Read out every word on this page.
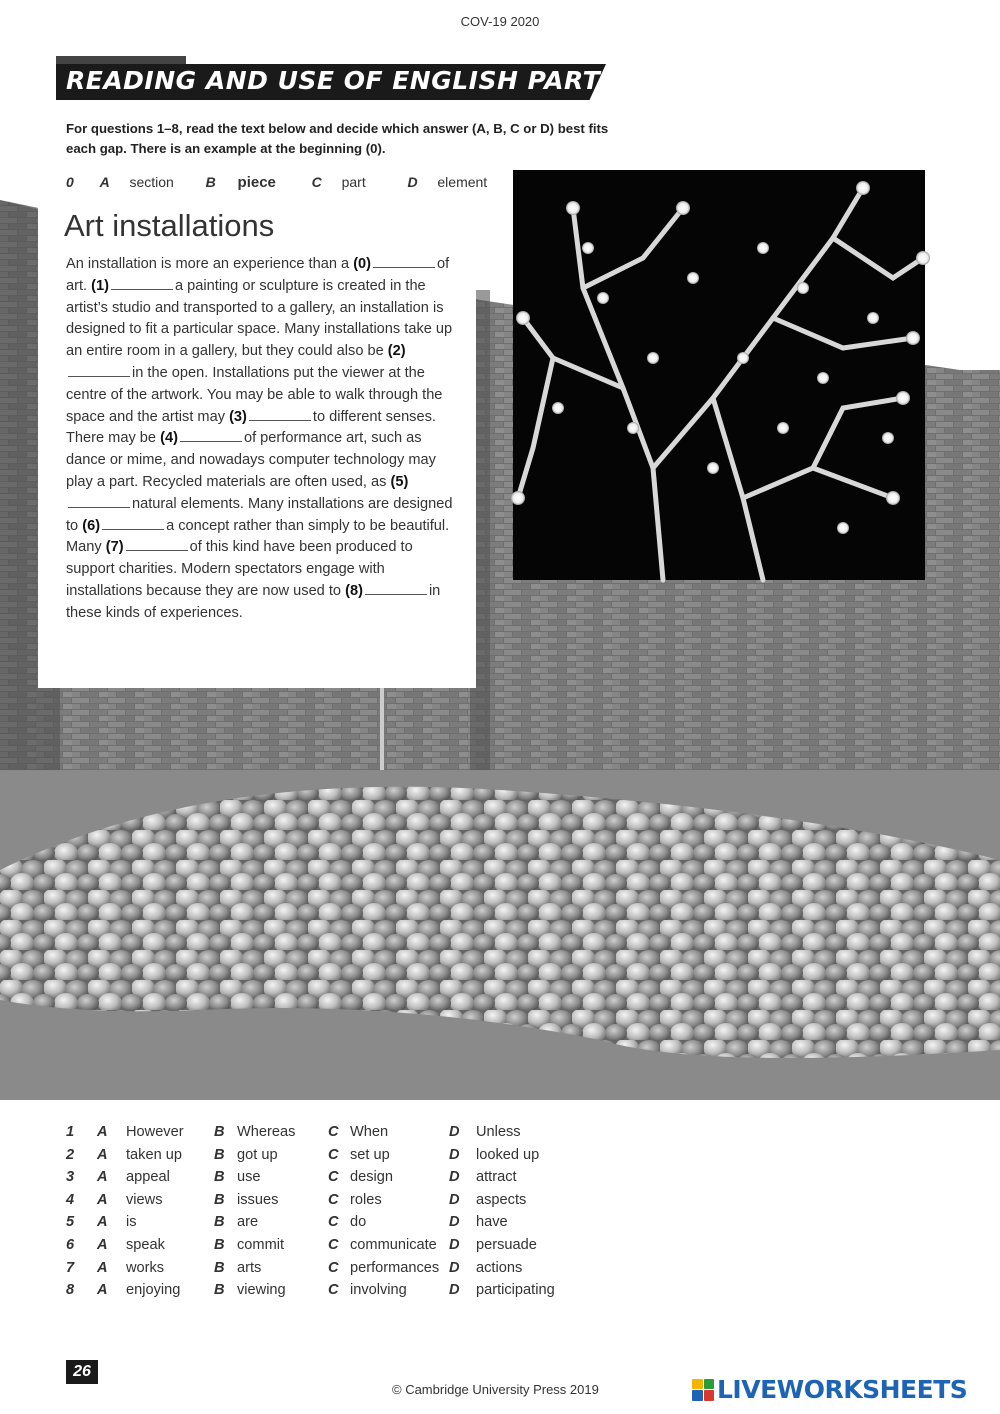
COV-19 2020
READING AND USE OF ENGLISH PART 1
For questions 1–8, read the text below and decide which answer (A, B, C or D) best fits each gap. There is an example at the beginning (0).
0 A section B piece	C part	D element
Art installations
An installation is more an experience than a (0)	of art. (1)	a painting or sculpture is created in the artist’s studio and transported to a gallery, an installation is designed to fit a particular space. Many installations take up an entire room in a gallery, but they could also be (2)in the open. Installations put the viewer at the centre of the artwork. You may be able to walk through the space and the artist may (3)	to different senses. There may be (4)	of performance art, such as dance or mime, and nowadays computer technology may play a part. Recycled materials are often used, as (5)natural elements. Many installations are designed to (6)	a concept rather than simply to be beautiful. Many (7)	of this kind have been produced to support charities. Modern spectators engage with installations because they are now used to (8)	in these kinds of experiences.
1 A However B Whereas C When	D Unless
2 A taken up B got up	C set up	D looked up
3 A appeal	B use	C design	D attract
4 A views	B issues	C roles	D aspects
5 A is	B are	C do	D have
6 A speak	B commit	C communicate D persuade
7 A works	B arts	C performances D actions
8 A enjoying B viewing	C involving	D participating
26
© Cambridge University Press 2019	LIVEWORKSHEETS
